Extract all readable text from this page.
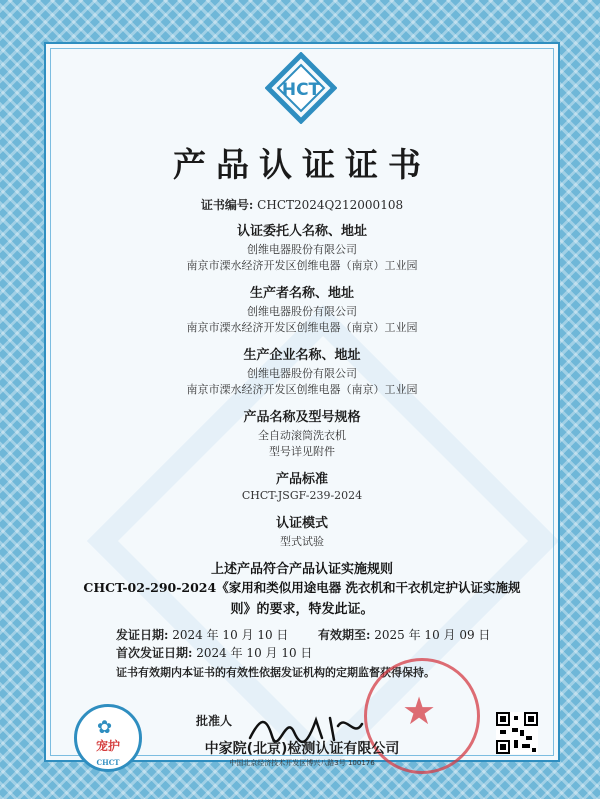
HCT
产品认证证书
证书编号: CHCT2024Q212000108
认证委托人名称、地址
创维电器股份有限公司
南京市溧水经济开发区创维电器（南京）工业园
生产者名称、地址
创维电器股份有限公司
南京市溧水经济开发区创维电器（南京）工业园
生产企业名称、地址
创维电器股份有限公司
南京市溧水经济开发区创维电器（南京）工业园
产品名称及型号规格
全自动滚筒洗衣机
型号详见附件
产品标准
CHCT-JSGF-239-2024
认证模式
型式试验
上述产品符合产品认证实施规则
CHCT-02-290-2024《家用和类似用途电器 洗衣机和干衣机定护认证实施规
则》的要求，特发此证。
发证日期: 2024 年 10 月 10 日 有效期至: 2025 年 10 月 09 日
首次发证日期: 2024 年 10 月 10 日
证书有效期内本证书的有效性依据发证机构的定期监督获得保持。
✿
宠护
CHCT
批准人	★
中家院(北京)检测认证有限公司
中国北京经济技术开发区博兴八路3号 100176
